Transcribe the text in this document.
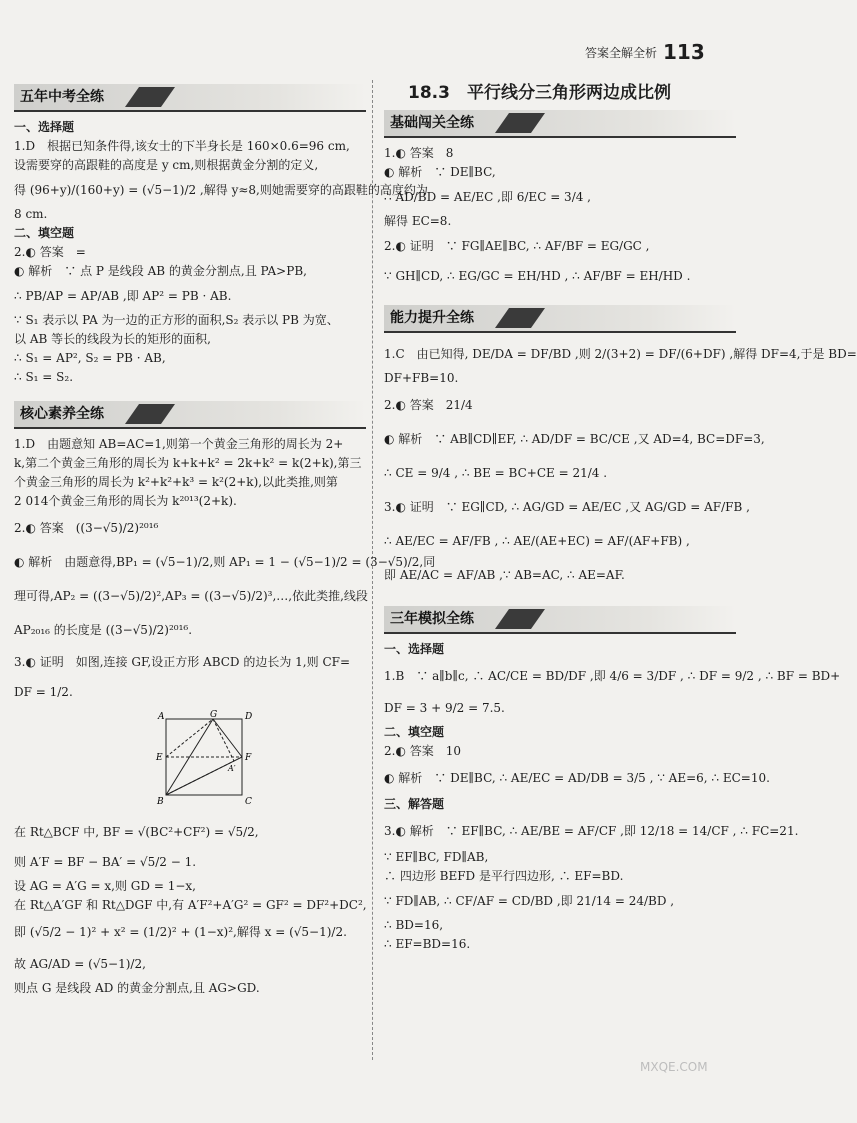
答案全解全析 113
五年中考全练
一、选择题
1.D　根据已知条件得,该女士的下半身长是 160×0.6=96 cm,
设需要穿的高跟鞋的高度是 y cm,则根据黄金分割的定义,
得 (96+y)/(160+y) = (√5−1)/2 ,解得 y≈8,则她需要穿的高跟鞋的高度约为
8 cm.
二、填空题
2.◐ 答案　=
◐ 解析　∵ 点 P 是线段 AB 的黄金分割点,且 PA>PB,
∴ PB/AP = AP/AB ,即 AP² = PB · AB.
∵ S₁ 表示以 PA 为一边的正方形的面积,S₂ 表示以 PB 为宽、
以 AB 等长的线段为长的矩形的面积,
∴ S₁ = AP², S₂ = PB · AB,
∴ S₁ = S₂.
核心素养全练
1.D　由题意知 AB=AC=1,则第一个黄金三角形的周长为 2+
k,第二个黄金三角形的周长为 k+k+k² = 2k+k² = k(2+k),第三
个黄金三角形的周长为 k²+k²+k³ = k²(2+k),以此类推,则第
2 014个黄金三角形的周长为 k²⁰¹³(2+k).
2.◐ 答案　((3−√5)/2)²⁰¹⁶
◐ 解析　由题意得,BP₁ = (√5−1)/2,则 AP₁ = 1 − (√5−1)/2 = (3−√5)/2,同
理可得,AP₂ = ((3−√5)/2)²,AP₃ = ((3−√5)/2)³,…,依此类推,线段
AP₂₀₁₆ 的长度是 ((3−√5)/2)²⁰¹⁶.
3.◐ 证明　如图,连接 GF,设正方形 ABCD 的边长为 1,则 CF=
DF = 1/2.
A	G	D
E	F
A′
B	C
在 Rt△BCF 中, BF = √(BC²+CF²) = √5/2,
则 A′F = BF − BA′ = √5/2 − 1.
设 AG = A′G = x,则 GD = 1−x,
在 Rt△A′GF 和 Rt△DGF 中,有 A′F²+A′G² = GF² = DF²+DC²,
即 (√5/2 − 1)² + x² = (1/2)² + (1−x)²,解得 x = (√5−1)/2.
故 AG/AD = (√5−1)/2,
则点 G 是线段 AD 的黄金分割点,且 AG>GD.
18.3　平行线分三角形两边成比例
基础闯关全练
1.◐ 答案　8
◐ 解析　∵ DE∥BC,
∴ AD/BD = AE/EC ,即 6/EC = 3/4 ,
解得 EC=8.
2.◐ 证明　∵ FG∥AE∥BC, ∴ AF/BF = EG/GC ,
∵ GH∥CD, ∴ EG/GC = EH/HD , ∴ AF/BF = EH/HD .
能力提升全练
1.C　由已知得, DE/DA = DF/BD ,则 2/(3+2) = DF/(6+DF) ,解得 DF=4,于是 BD=
DF+FB=10.
2.◐ 答案　21/4
◐ 解析　∵ AB∥CD∥EF, ∴ AD/DF = BC/CE ,又 AD=4, BC=DF=3,
∴ CE = 9/4 , ∴ BE = BC+CE = 21/4 .
3.◐ 证明　∵ EG∥CD, ∴ AG/GD = AE/EC ,又 AG/GD = AF/FB ,
∴ AE/EC = AF/FB , ∴ AE/(AE+EC) = AF/(AF+FB) ,
即 AE/AC = AF/AB ,∵ AB=AC, ∴ AE=AF.
三年模拟全练
一、选择题
1.B　∵ a∥b∥c, ∴ AC/CE = BD/DF ,即 4/6 = 3/DF , ∴ DF = 9/2 , ∴ BF = BD+
DF = 3 + 9/2 = 7.5.
二、填空题
2.◐ 答案　10
◐ 解析　∵ DE∥BC, ∴ AE/EC = AD/DB = 3/5 , ∵ AE=6, ∴ EC=10.
三、解答题
3.◐ 解析　∵ EF∥BC, ∴ AE/BE = AF/CF ,即 12/18 = 14/CF , ∴ FC=21.
∵ EF∥BC, FD∥AB,
∴ 四边形 BEFD 是平行四边形, ∴ EF=BD.
∵ FD∥AB, ∴ CF/AF = CD/BD ,即 21/14 = 24/BD ,
∴ BD=16,
∴ EF=BD=16.
MXQE.COM
